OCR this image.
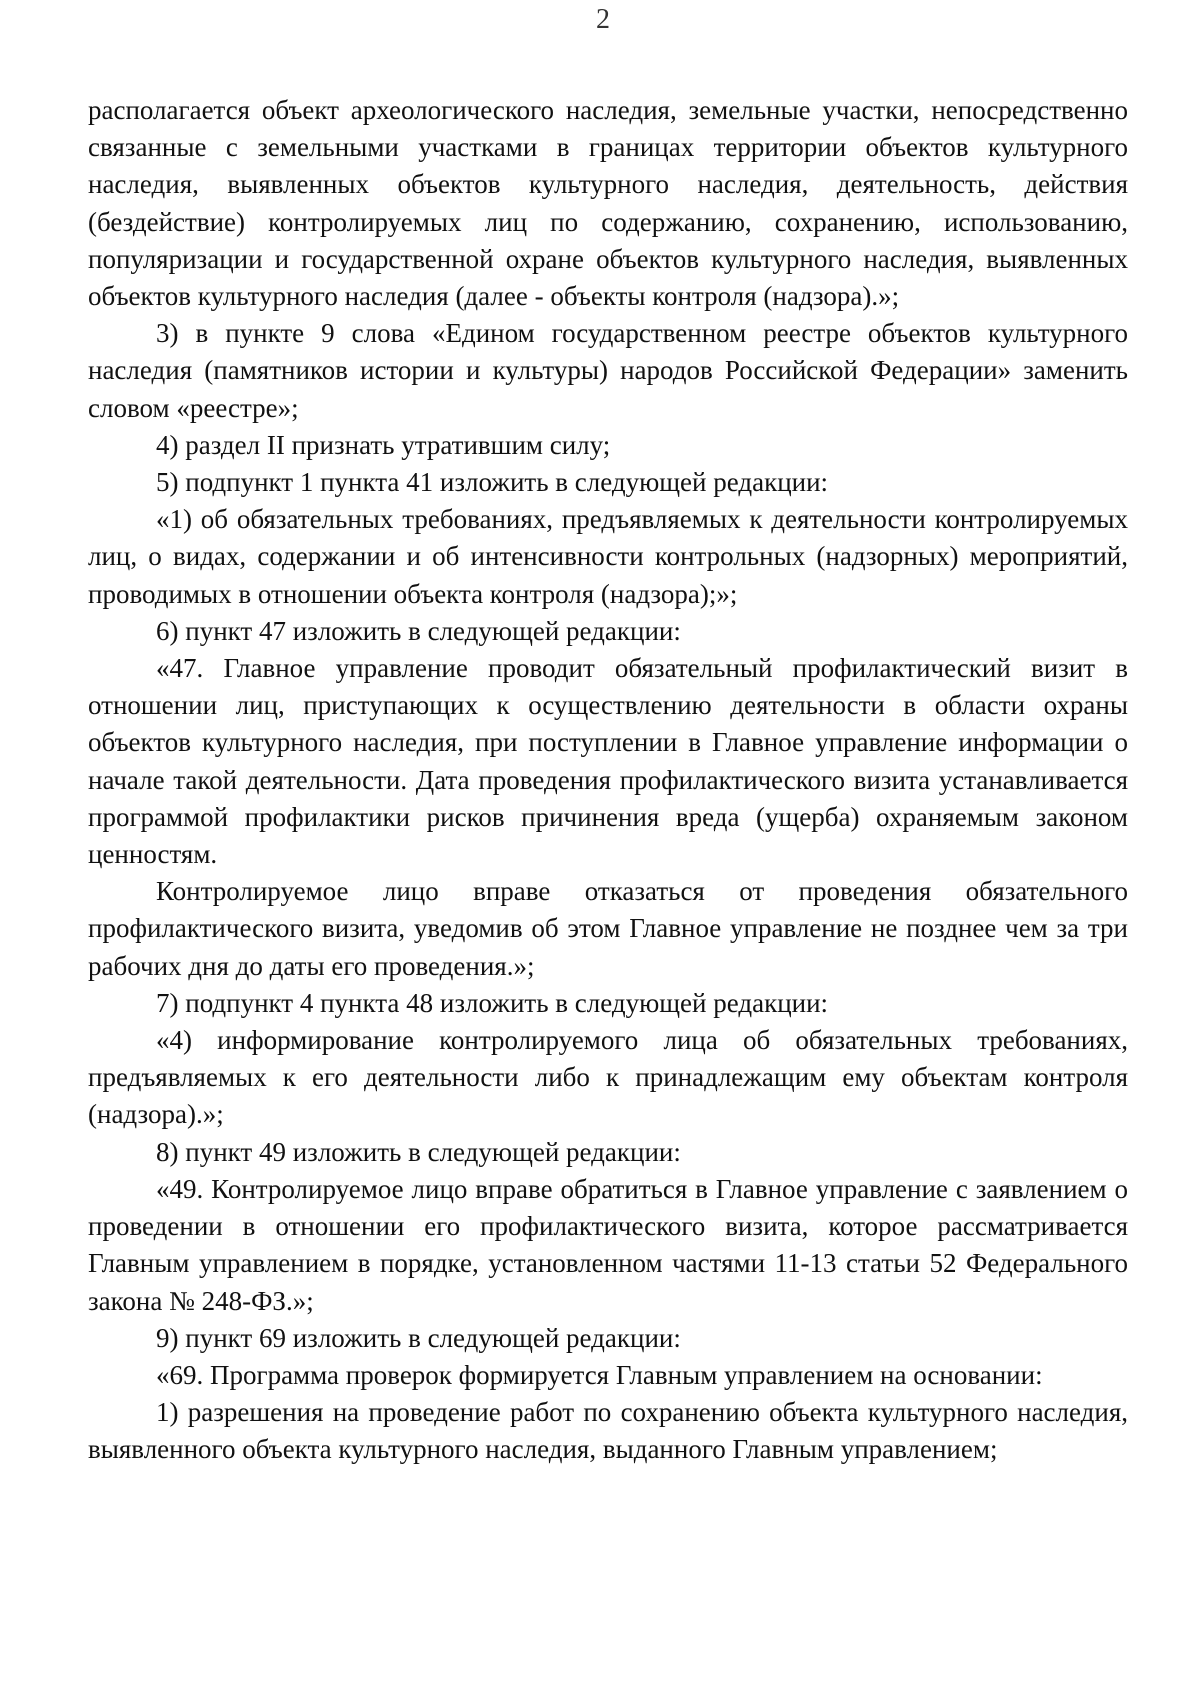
2

располагается объект археологического наследия, земельные участки, непосредственно связанные с земельными участками в границах территории объектов культурного наследия, выявленных объектов культурного наследия, деятельность, действия (бездействие) контролируемых лиц по содержанию, сохранению, использованию, популяризации и государственной охране объектов культурного наследия, выявленных объектов культурного наследия (далее - объекты контроля (надзора).»;

3) в пункте 9 слова «Едином государственном реестре объектов культурного наследия (памятников истории и культуры) народов Российской Федерации» заменить словом «реестре»;

4) раздел II признать утратившим силу;

5) подпункт 1 пункта 41 изложить в следующей редакции:

«1) об обязательных требованиях, предъявляемых к деятельности контролируемых лиц, о видах, содержании и об интенсивности контрольных (надзорных) мероприятий, проводимых в отношении объекта контроля (надзора);»;

6) пункт 47 изложить в следующей редакции:

«47. Главное управление проводит обязательный профилактический визит в отношении лиц, приступающих к осуществлению деятельности в области охраны объектов культурного наследия, при поступлении в Главное управление информации о начале такой деятельности. Дата проведения профилактического визита устанавливается программой профилактики рисков причинения вреда (ущерба) охраняемым законом ценностям.

Контролируемое лицо вправе отказаться от проведения обязательного профилактического визита, уведомив об этом Главное управление не позднее чем за три рабочих дня до даты его проведения.»;

7) подпункт 4 пункта 48 изложить в следующей редакции:

«4) информирование контролируемого лица об обязательных требованиях, предъявляемых к его деятельности либо к принадлежащим ему объектам контроля (надзора).»;

8) пункт 49 изложить в следующей редакции:

«49. Контролируемое лицо вправе обратиться в Главное управление с заявлением о проведении в отношении его профилактического визита, которое рассматривается Главным управлением в порядке, установленном частями 11-13 статьи 52 Федерального закона № 248-ФЗ.»;

9) пункт 69 изложить в следующей редакции:

«69. Программа проверок формируется Главным управлением на основании:

1) разрешения на проведение работ по сохранению объекта культурного наследия, выявленного объекта культурного наследия, выданного Главным управлением;
